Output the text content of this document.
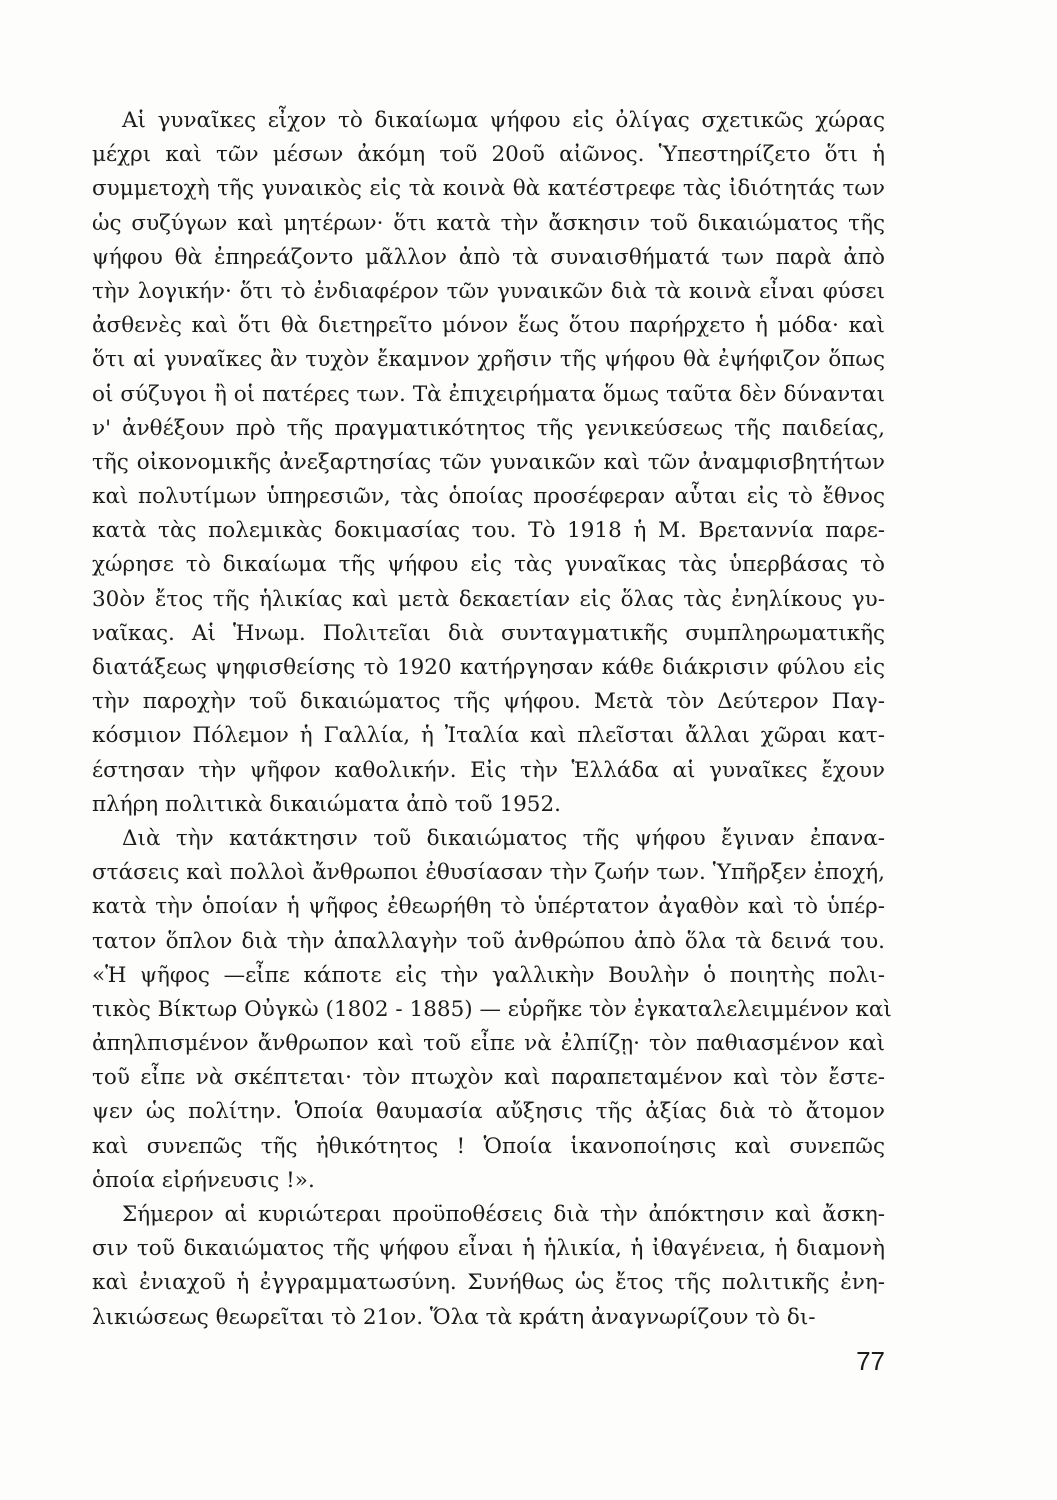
Αἱ γυναῖκες εἶχον τὸ δικαίωμα ψήφου εἰς ὀλίγας σχετικῶς χώρας
μέχρι καὶ τῶν μέσων ἀκόμη τοῦ 20οῦ αἰῶνος. Ὑπεστηρίζετο ὅτι ἡ
συμμετοχὴ τῆς γυναικὸς εἰς τὰ κοινὰ θὰ κατέστρεφε τὰς ἰδιότητάς των
ὡς συζύγων καὶ μητέρων· ὅτι κατὰ τὴν ἄσκησιν τοῦ δικαιώματος τῆς
ψήφου θὰ ἐπηρεάζοντο μᾶλλον ἀπὸ τὰ συναισθήματά των παρὰ ἀπὸ
τὴν λογικήν· ὅτι τὸ ἐνδιαφέρον τῶν γυναικῶν διὰ τὰ κοινὰ εἶναι φύσει
ἀσθενὲς καὶ ὅτι θὰ διετηρεῖτο μόνον ἕως ὅτου παρήρχετο ἡ μόδα· καὶ
ὅτι αἱ γυναῖκες ἂν τυχὸν ἔκαμνον χρῆσιν τῆς ψήφου θὰ ἐψήφιζον ὅπως
οἱ σύζυγοι ἢ οἱ πατέρες των. Τὰ ἐπιχειρήματα ὅμως ταῦτα δὲν δύνανται
ν' ἀνθέξουν πρὸ τῆς πραγματικότητος τῆς γενικεύσεως τῆς παιδείας,
τῆς οἰκονομικῆς ἀνεξαρτησίας τῶν γυναικῶν καὶ τῶν ἀναμφισβητήτων
καὶ πολυτίμων ὑπηρεσιῶν, τὰς ὁποίας προσέφεραν αὗται εἰς τὸ ἔθνος
κατὰ τὰς πολεμικὰς δοκιμασίας του. Τὸ 1918 ἡ Μ. Βρεταννία παρε-
χώρησε τὸ δικαίωμα τῆς ψήφου εἰς τὰς γυναῖκας τὰς ὑπερβάσας τὸ
30ὸν ἔτος τῆς ἡλικίας καὶ μετὰ δεκαετίαν εἰς ὅλας τὰς ἐνηλίκους γυ-
ναῖκας. Αἱ Ἡνωμ. Πολιτεῖαι διὰ συνταγματικῆς συμπληρωματικῆς
διατάξεως ψηφισθείσης τὸ 1920 κατήργησαν κάθε διάκρισιν φύλου εἰς
τὴν παροχὴν τοῦ δικαιώματος τῆς ψήφου. Μετὰ τὸν Δεύτερον Παγ-
κόσμιον Πόλεμον ἡ Γαλλία, ἡ Ἰταλία καὶ πλεῖσται ἄλλαι χῶραι κατ-
έστησαν τὴν ψῆφον καθολικήν. Εἰς τὴν Ἑλλάδα αἱ γυναῖκες ἔχουν
πλήρη πολιτικὰ δικαιώματα ἀπὸ τοῦ 1952.
Διὰ τὴν κατάκτησιν τοῦ δικαιώματος τῆς ψήφου ἔγιναν ἐπανα-
στάσεις καὶ πολλοὶ ἄνθρωποι ἐθυσίασαν τὴν ζωήν των. Ὑπῆρξεν ἐποχή,
κατὰ τὴν ὁποίαν ἡ ψῆφος ἐθεωρήθη τὸ ὑπέρτατον ἀγαθὸν καὶ τὸ ὑπέρ-
τατον ὅπλον διὰ τὴν ἀπαλλαγὴν τοῦ ἀνθρώπου ἀπὸ ὅλα τὰ δεινά του.
«Ἡ ψῆφος —εἶπε κάποτε εἰς τὴν γαλλικὴν Βουλὴν ὁ ποιητὴς πολι-
τικὸς Βίκτωρ Οὐγκὼ (1802 - 1885) — εὑρῆκε τὸν ἐγκαταλελειμμένον καὶ
ἀπηλπισμένον ἄνθρωπον καὶ τοῦ εἶπε νὰ ἐλπίζῃ· τὸν παθιασμένον καὶ
τοῦ εἶπε νὰ σκέπτεται· τὸν πτωχὸν καὶ παραπεταμένον καὶ τὸν ἔστε-
ψεν ὡς πολίτην. Ὁποία θαυμασία αὔξησις τῆς ἀξίας διὰ τὸ ἄτομον
καὶ συνεπῶς τῆς ἠθικότητος ! Ὁποία ἱκανοποίησις καὶ συνεπῶς
ὁποία εἰρήνευσις !».
Σήμερον αἱ κυριώτεραι προϋποθέσεις διὰ τὴν ἀπόκτησιν καὶ ἄσκη-
σιν τοῦ δικαιώματος τῆς ψήφου εἶναι ἡ ἡλικία, ἡ ἰθαγένεια, ἡ διαμονὴ
καὶ ἐνιαχοῦ ἡ ἐγγραμματωσύνη. Συνήθως ὡς ἔτος τῆς πολιτικῆς ἐνη-
λικιώσεως θεωρεῖται τὸ 21ον. Ὅλα τὰ κράτη ἀναγνωρίζουν τὸ δι-
77
